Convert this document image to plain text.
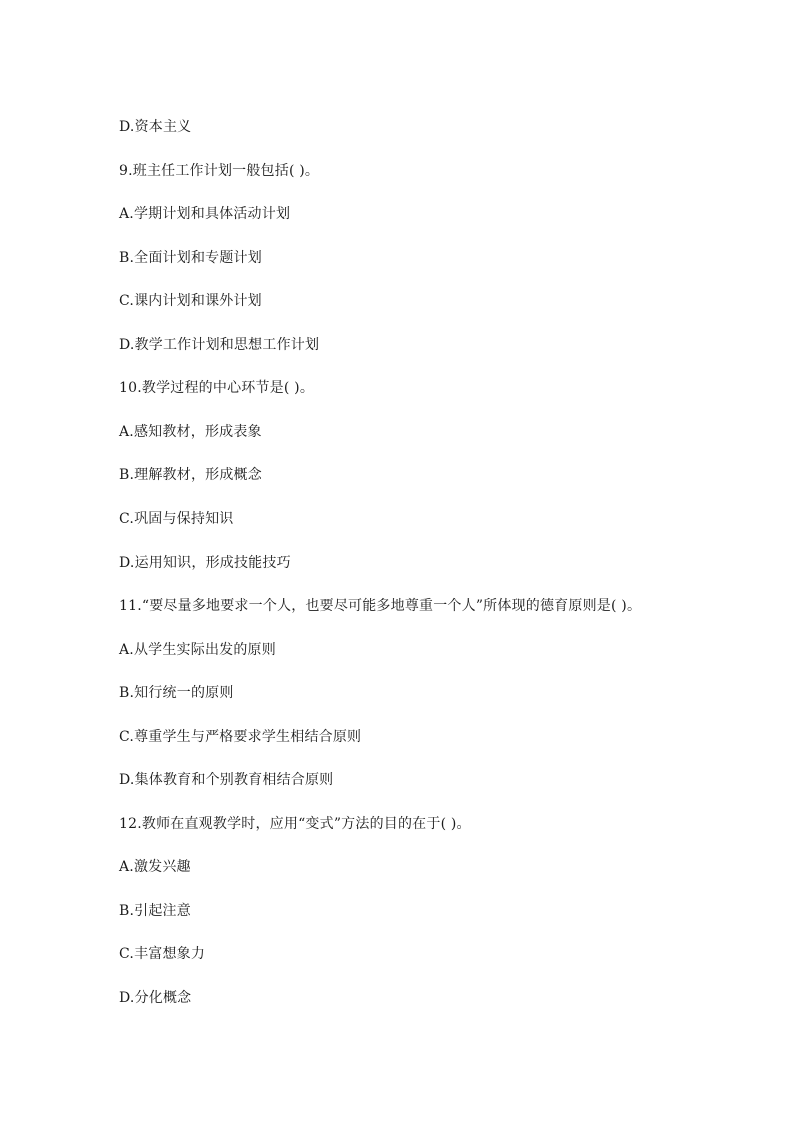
D.资本主义
9.班主任工作计划一般包括( )。
A.学期计划和具体活动计划
B.全面计划和专题计划
C.课内计划和课外计划
D.教学工作计划和思想工作计划
10.教学过程的中心环节是( )。
A.感知教材，形成表象
B.理解教材，形成概念
C.巩固与保持知识
D.运用知识，形成技能技巧
11.“要尽量多地要求一个人，也要尽可能多地尊重一个人”所体现的德育原则是( )。
A.从学生实际出发的原则
B.知行统一的原则
C.尊重学生与严格要求学生相结合原则
D.集体教育和个别教育相结合原则
12.教师在直观教学时，应用“变式”方法的目的在于( )。
A.激发兴趣
B.引起注意
C.丰富想象力
D.分化概念
